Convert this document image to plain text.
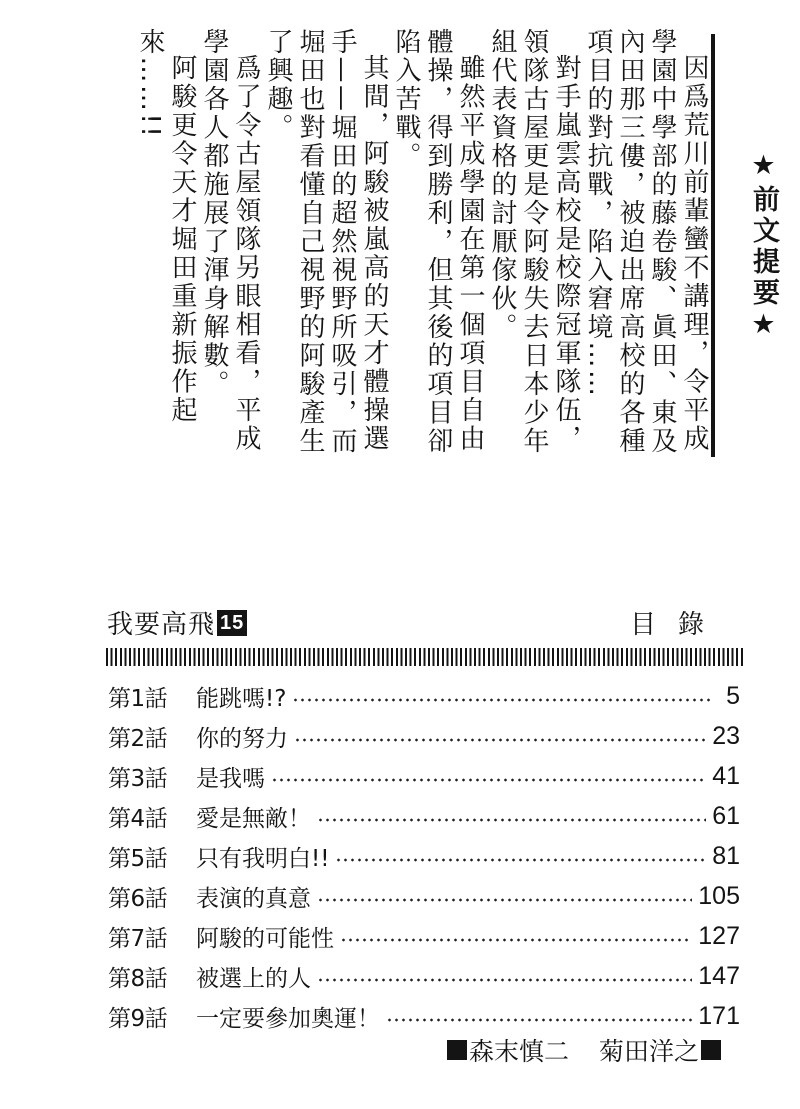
因爲荒川前輩蠻不講理，令平成學園中學部的藤卷駿、眞田、東及內田那三僂，被迫出席高校的各種項目的對抗戰，陷入窘境……

對手嵐雲高校是校際冠軍隊伍，領隊古屋更是令阿駿失去日本少年組代表資格的討厭傢伙。

雖然平成學園在第一個項目自由體操，得到勝利，但其後的項目卻陷入苦戰。

其間，阿駿被嵐高的天才體操選手——堀田的超然視野所吸引，而堀田也對看懂自己視野的阿駿產生了興趣。

爲了令古屋領隊另眼相看，平成學園各人都施展了渾身解數。

阿駿更令天才堀田重新振作起來……!!

★前文提要★
我要高飛 15	目錄
第1話	能跳嗎!?	5
第2話	你的努力	23
第3話	是我嗎	41
第4話	愛是無敵！	61
第5話	只有我明白!!	81
第6話	表演的真意	105
第7話	阿駿的可能性	127
第8話	被選上的人	147
第9話	一定要參加奧運！	171
森末慎二 菊田洋之
